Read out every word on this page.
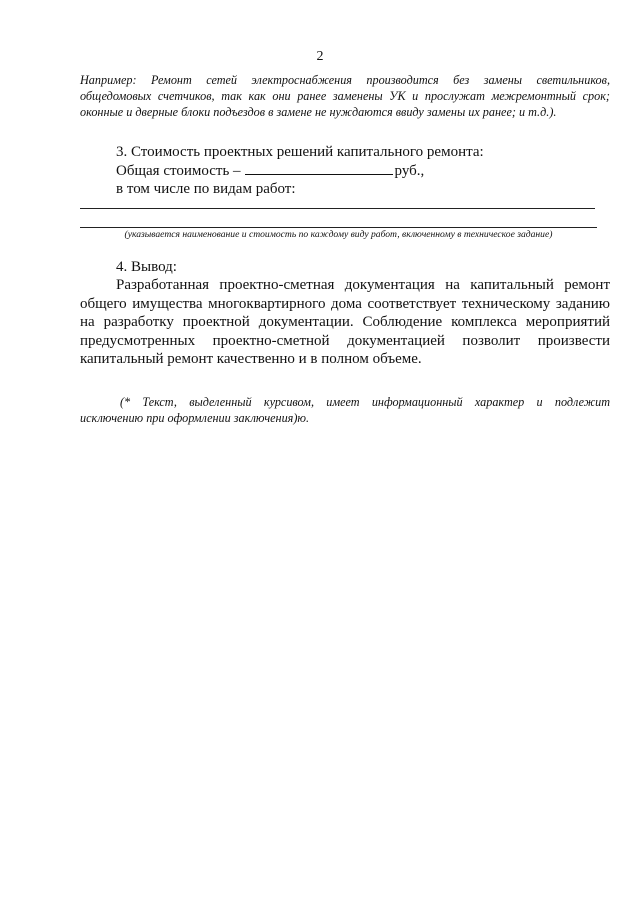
2
Например: Ремонт сетей электроснабжения производится без замены светильников,
общедомовых счетчиков, так как они ранее заменены УК и прослужат межремонтный срок;
оконные и дверные блоки подъездов в замене не нуждаются ввиду замены их ранее; и т.д.).
3. Стоимость проектных решений капитального ремонта:
Общая стоимость –	руб.,
в том числе по видам работ:
(указывается наименование и стоимость по каждому виду работ, включенному в техническое задание)
4. Вывод:
Разработанная проектно-сметная документация на капитальный ремонт
общего имущества многоквартирного дома соответствует техническому заданию
на разработку проектной документации. Соблюдение комплекса мероприятий
предусмотренных проектно-сметной документацией позволит произвести
капитальный ремонт качественно и в полном объеме.
(* Текст, выделенный курсивом, имеет информационный характер и подлежит
исключению при оформлении заключения)ю.
